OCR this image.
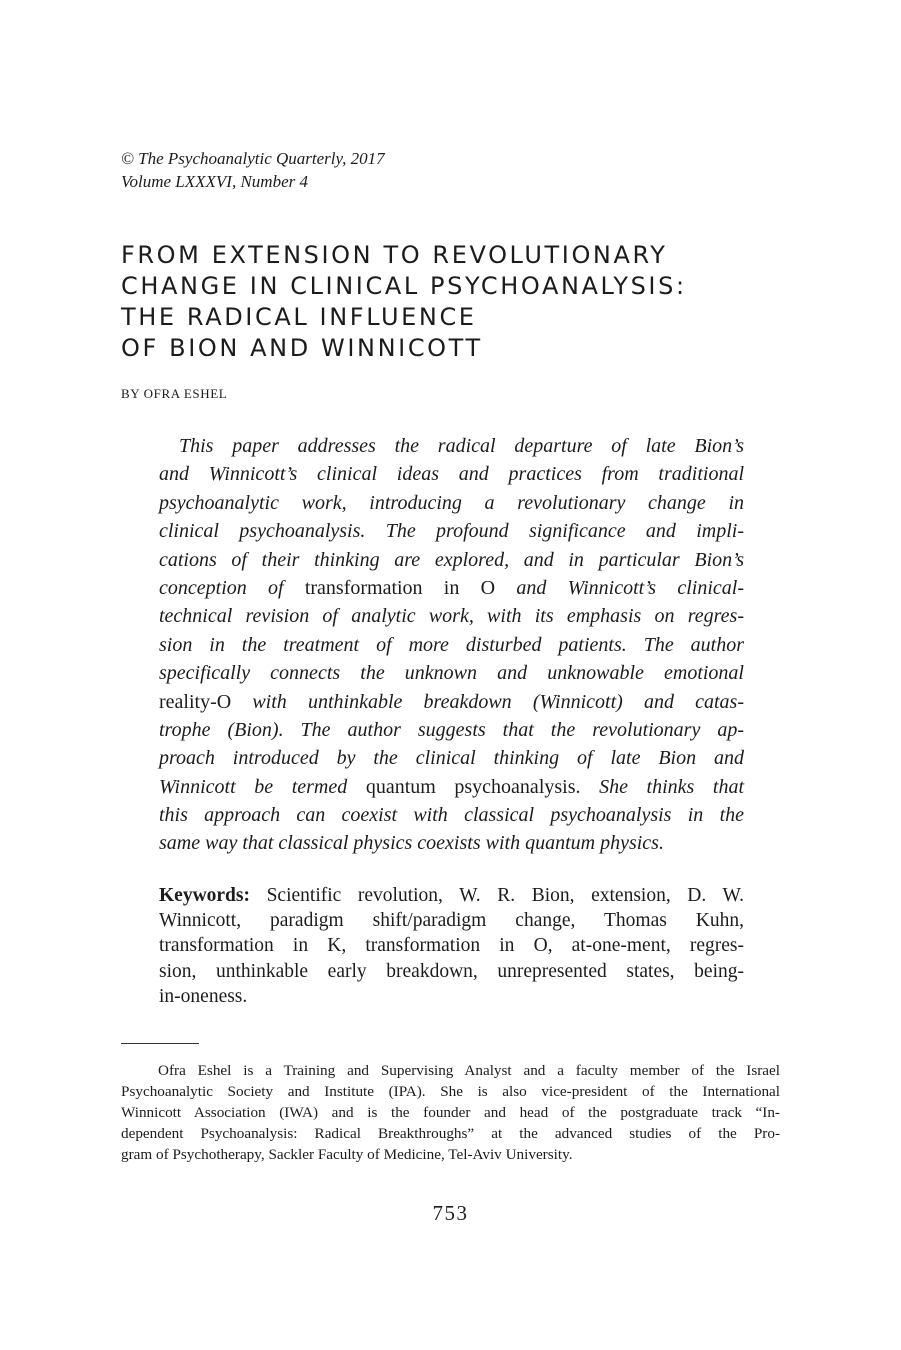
© The Psychoanalytic Quarterly, 2017
Volume LXXXVI, Number 4
FROM EXTENSION TO REVOLUTIONARY
CHANGE IN CLINICAL PSYCHOANALYSIS:
THE RADICAL INFLUENCE
OF BION AND WINNICOTT
BY OFRA ESHEL
This paper addresses the radical departure of late Bion’s
and Winnicott’s clinical ideas and practices from traditional
psychoanalytic work, introducing a revolutionary change in
clinical psychoanalysis. The profound significance and impli-
cations of their thinking are explored, and in particular Bion’s
conception of transformation in O and Winnicott’s clinical-
technical revision of analytic work, with its emphasis on regres-
sion in the treatment of more disturbed patients. The author
specifically connects the unknown and unknowable emotional
reality-O with unthinkable breakdown (Winnicott) and catas-
trophe (Bion). The author suggests that the revolutionary ap-
proach introduced by the clinical thinking of late Bion and
Winnicott be termed quantum psychoanalysis. She thinks that
this approach can coexist with classical psychoanalysis in the
same way that classical physics coexists with quantum physics.
Keywords: Scientific revolution, W. R. Bion, extension, D. W.
Winnicott, paradigm shift/paradigm change, Thomas Kuhn,
transformation in K, transformation in O, at-one-ment, regres-
sion, unthinkable early breakdown, unrepresented states, being-
in-oneness.
Ofra Eshel is a Training and Supervising Analyst and a faculty member of the Israel
Psychoanalytic Society and Institute (IPA). She is also vice-president of the International
Winnicott Association (IWA) and is the founder and head of the postgraduate track “In-
dependent Psychoanalysis: Radical Breakthroughs” at the advanced studies of the Pro-
gram of Psychotherapy, Sackler Faculty of Medicine, Tel-Aviv University.
753
